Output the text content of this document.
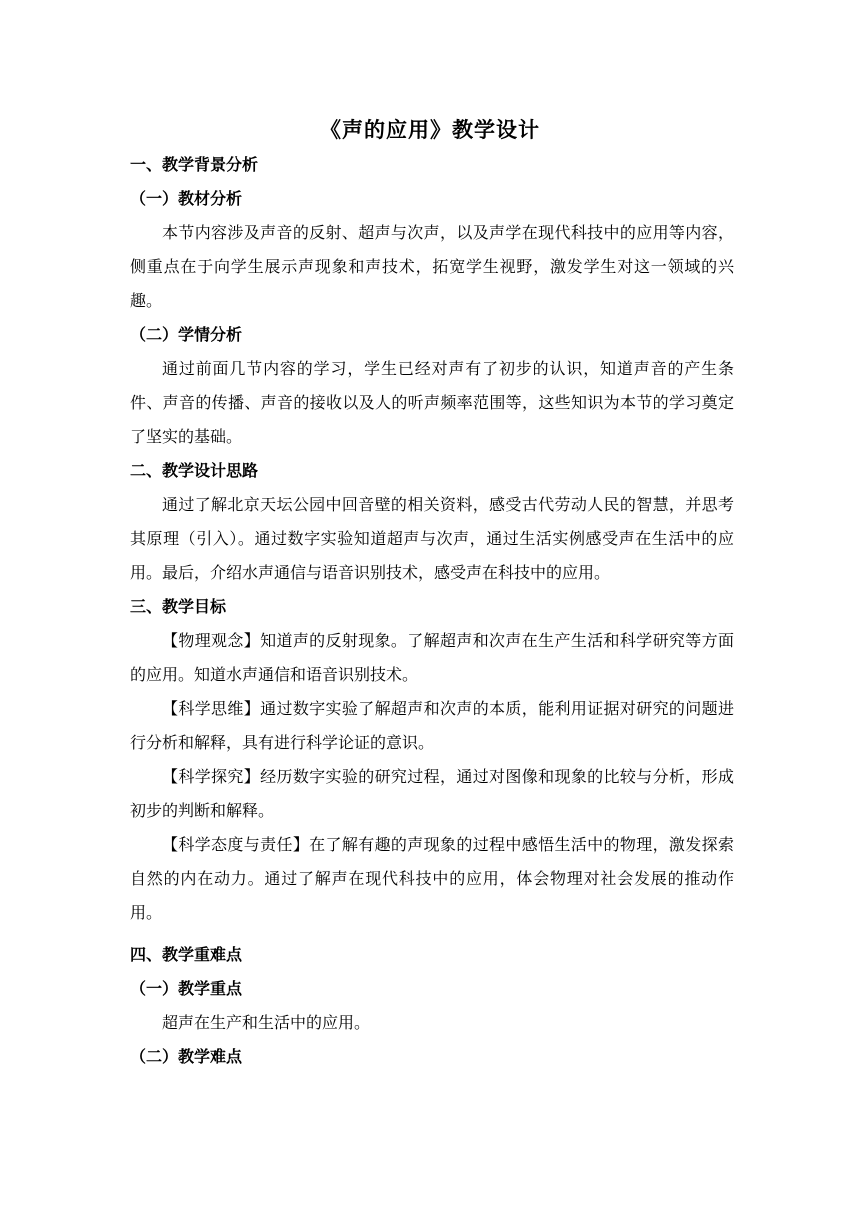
《声的应用》教学设计
一、教学背景分析
（一）教材分析

本节内容涉及声音的反射、超声与次声，以及声学在现代科技中的应用等内容，侧重点在于向学生展示声现象和声技术，拓宽学生视野，激发学生对这一领域的兴趣。

（二）学情分析

通过前面几节内容的学习，学生已经对声有了初步的认识，知道声音的产生条件、声音的传播、声音的接收以及人的听声频率范围等，这些知识为本节的学习奠定了坚实的基础。

二、教学设计思路

通过了解北京天坛公园中回音壁的相关资料，感受古代劳动人民的智慧，并思考其原理（引入）。通过数字实验知道超声与次声，通过生活实例感受声在生活中的应用。最后，介绍水声通信与语音识别技术，感受声在科技中的应用。

三、教学目标

【物理观念】知道声的反射现象。了解超声和次声在生产生活和科学研究等方面的应用。知道水声通信和语音识别技术。

【科学思维】通过数字实验了解超声和次声的本质，能利用证据对研究的问题进行分析和解释，具有进行科学论证的意识。

【科学探究】经历数字实验的研究过程，通过对图像和现象的比较与分析，形成初步的判断和解释。

【科学态度与责任】在了解有趣的声现象的过程中感悟生活中的物理，激发探索自然的内在动力。通过了解声在现代科技中的应用，体会物理对社会发展的推动作用。

四、教学重难点
（一）教学重点

超声在生产和生活中的应用。

（二）教学难点
